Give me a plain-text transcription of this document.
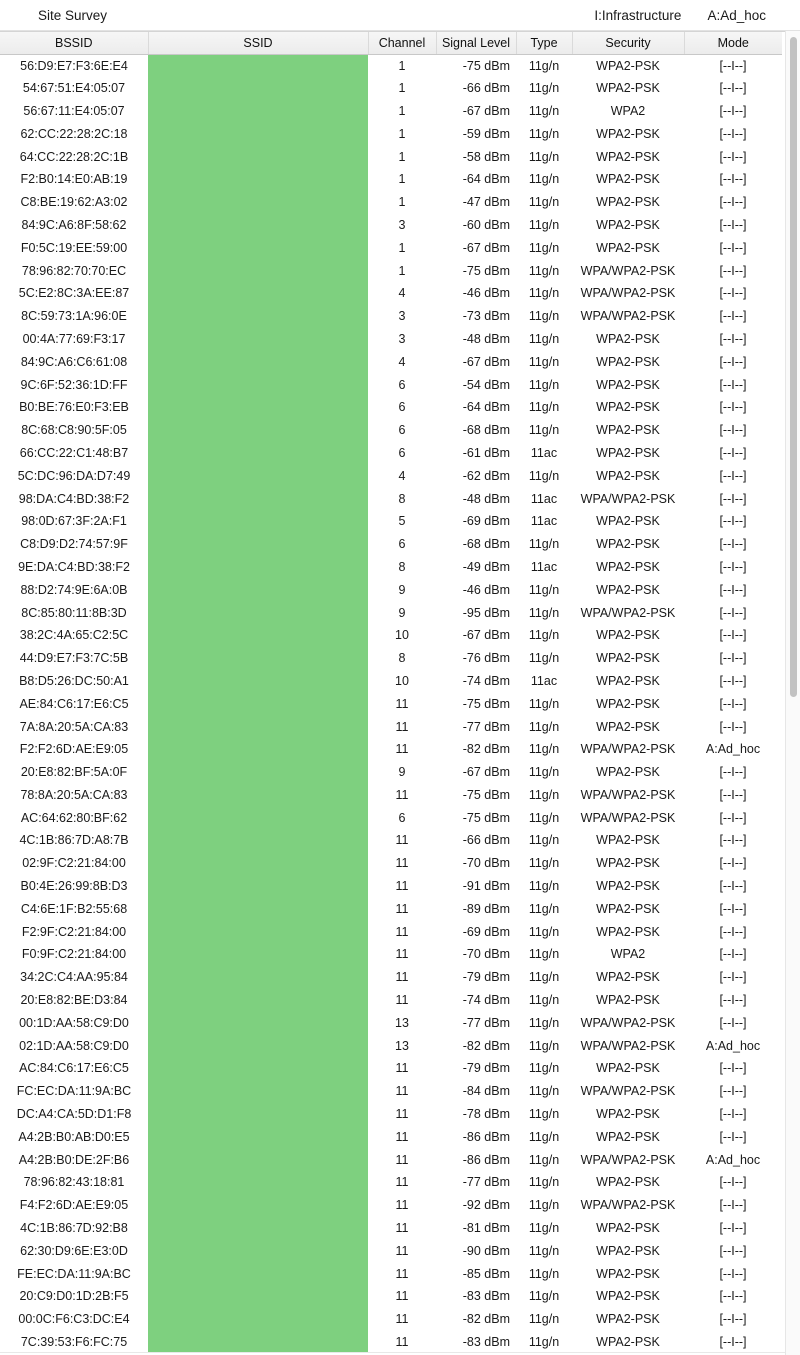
Site Survey	I:Infrastructure A:Ad_hoc
BSSID	SSID	Channel	Signal Level	Type	Security	Mode
56:D9:E7:F3:6E:E4		1	-75 dBm	11g/n	WPA2-PSK	[--I--]
54:67:51:E4:05:07		1	-66 dBm	11g/n	WPA2-PSK	[--I--]
56:67:11:E4:05:07		1	-67 dBm	11g/n	WPA2	[--I--]
62:CC:22:28:2C:18		1	-59 dBm	11g/n	WPA2-PSK	[--I--]
64:CC:22:28:2C:1B		1	-58 dBm	11g/n	WPA2-PSK	[--I--]
F2:B0:14:E0:AB:19		1	-64 dBm	11g/n	WPA2-PSK	[--I--]
C8:BE:19:62:A3:02		1	-47 dBm	11g/n	WPA2-PSK	[--I--]
84:9C:A6:8F:58:62		3	-60 dBm	11g/n	WPA2-PSK	[--I--]
F0:5C:19:EE:59:00		1	-67 dBm	11g/n	WPA2-PSK	[--I--]
78:96:82:70:70:EC		1	-75 dBm	11g/n	WPA/WPA2-PSK	[--I--]
5C:E2:8C:3A:EE:87		4	-46 dBm	11g/n	WPA/WPA2-PSK	[--I--]
8C:59:73:1A:96:0E		3	-73 dBm	11g/n	WPA/WPA2-PSK	[--I--]
00:4A:77:69:F3:17		3	-48 dBm	11g/n	WPA2-PSK	[--I--]
84:9C:A6:C6:61:08		4	-67 dBm	11g/n	WPA2-PSK	[--I--]
9C:6F:52:36:1D:FF		6	-54 dBm	11g/n	WPA2-PSK	[--I--]
B0:BE:76:E0:F3:EB		6	-64 dBm	11g/n	WPA2-PSK	[--I--]
8C:68:C8:90:5F:05		6	-68 dBm	11g/n	WPA2-PSK	[--I--]
66:CC:22:C1:48:B7		6	-61 dBm	11ac	WPA2-PSK	[--I--]
5C:DC:96:DA:D7:49		4	-62 dBm	11g/n	WPA2-PSK	[--I--]
98:DA:C4:BD:38:F2		8	-48 dBm	11ac	WPA/WPA2-PSK	[--I--]
98:0D:67:3F:2A:F1		5	-69 dBm	11ac	WPA2-PSK	[--I--]
C8:D9:D2:74:57:9F		6	-68 dBm	11g/n	WPA2-PSK	[--I--]
9E:DA:C4:BD:38:F2		8	-49 dBm	11ac	WPA2-PSK	[--I--]
88:D2:74:9E:6A:0B		9	-46 dBm	11g/n	WPA2-PSK	[--I--]
8C:85:80:11:8B:3D		9	-95 dBm	11g/n	WPA/WPA2-PSK	[--I--]
38:2C:4A:65:C2:5C		10	-67 dBm	11g/n	WPA2-PSK	[--I--]
44:D9:E7:F3:7C:5B		8	-76 dBm	11g/n	WPA2-PSK	[--I--]
B8:D5:26:DC:50:A1		10	-74 dBm	11ac	WPA2-PSK	[--I--]
AE:84:C6:17:E6:C5		11	-75 dBm	11g/n	WPA2-PSK	[--I--]
7A:8A:20:5A:CA:83		11	-77 dBm	11g/n	WPA2-PSK	[--I--]
F2:F2:6D:AE:E9:05		11	-82 dBm	11g/n	WPA/WPA2-PSK	A:Ad_hoc
20:E8:82:BF:5A:0F		9	-67 dBm	11g/n	WPA2-PSK	[--I--]
78:8A:20:5A:CA:83		11	-75 dBm	11g/n	WPA/WPA2-PSK	[--I--]
AC:64:62:80:BF:62		6	-75 dBm	11g/n	WPA/WPA2-PSK	[--I--]
4C:1B:86:7D:A8:7B		11	-66 dBm	11g/n	WPA2-PSK	[--I--]
02:9F:C2:21:84:00		11	-70 dBm	11g/n	WPA2-PSK	[--I--]
B0:4E:26:99:8B:D3		11	-91 dBm	11g/n	WPA2-PSK	[--I--]
C4:6E:1F:B2:55:68		11	-89 dBm	11g/n	WPA2-PSK	[--I--]
F2:9F:C2:21:84:00		11	-69 dBm	11g/n	WPA2-PSK	[--I--]
F0:9F:C2:21:84:00		11	-70 dBm	11g/n	WPA2	[--I--]
34:2C:C4:AA:95:84		11	-79 dBm	11g/n	WPA2-PSK	[--I--]
20:E8:82:BE:D3:84		11	-74 dBm	11g/n	WPA2-PSK	[--I--]
00:1D:AA:58:C9:D0		13	-77 dBm	11g/n	WPA/WPA2-PSK	[--I--]
02:1D:AA:58:C9:D0		13	-82 dBm	11g/n	WPA/WPA2-PSK	A:Ad_hoc
AC:84:C6:17:E6:C5		11	-79 dBm	11g/n	WPA2-PSK	[--I--]
FC:EC:DA:11:9A:BC		11	-84 dBm	11g/n	WPA/WPA2-PSK	[--I--]
DC:A4:CA:5D:D1:F8		11	-78 dBm	11g/n	WPA2-PSK	[--I--]
A4:2B:B0:AB:D0:E5		11	-86 dBm	11g/n	WPA2-PSK	[--I--]
A4:2B:B0:DE:2F:B6		11	-86 dBm	11g/n	WPA/WPA2-PSK	A:Ad_hoc
78:96:82:43:18:81		11	-77 dBm	11g/n	WPA2-PSK	[--I--]
F4:F2:6D:AE:E9:05		11	-92 dBm	11g/n	WPA/WPA2-PSK	[--I--]
4C:1B:86:7D:92:B8		11	-81 dBm	11g/n	WPA2-PSK	[--I--]
62:30:D9:6E:E3:0D		11	-90 dBm	11g/n	WPA2-PSK	[--I--]
FE:EC:DA:11:9A:BC		11	-85 dBm	11g/n	WPA2-PSK	[--I--]
20:C9:D0:1D:2B:F5		11	-83 dBm	11g/n	WPA2-PSK	[--I--]
00:0C:F6:C3:DC:E4		11	-82 dBm	11g/n	WPA2-PSK	[--I--]
7C:39:53:F6:FC:75		11	-83 dBm	11g/n	WPA2-PSK	[--I--]
